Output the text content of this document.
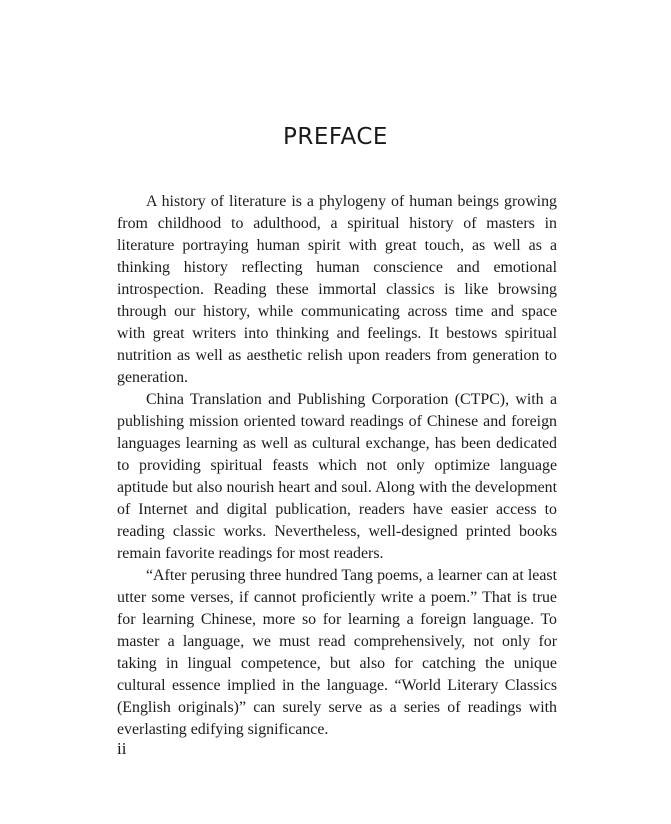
PREFACE

A history of literature is a phylogeny of human beings growing from childhood to adulthood, a spiritual history of masters in literature portraying human spirit with great touch, as well as a thinking history reflecting human conscience and emotional introspection. Reading these immortal classics is like browsing through our history, while communicating across time and space with great writers into thinking and feelings. It bestows spiritual nutrition as well as aesthetic relish upon readers from generation to generation.

China Translation and Publishing Corporation (CTPC), with a publishing mission oriented toward readings of Chinese and foreign languages learning as well as cultural exchange, has been dedicated to providing spiritual feasts which not only optimize language aptitude but also nourish heart and soul. Along with the development of Internet and digital publication, readers have easier access to reading classic works. Nevertheless, well-designed printed books remain favorite readings for most readers.

“After perusing three hundred Tang poems, a learner can at least utter some verses, if cannot proficiently write a poem.” That is true for learning Chinese, more so for learning a foreign language. To master a language, we must read comprehensively, not only for taking in lingual competence, but also for catching the unique cultural essence implied in the language. “World Literary Classics (English originals)” can surely serve as a series of readings with everlasting edifying significance.

ii
